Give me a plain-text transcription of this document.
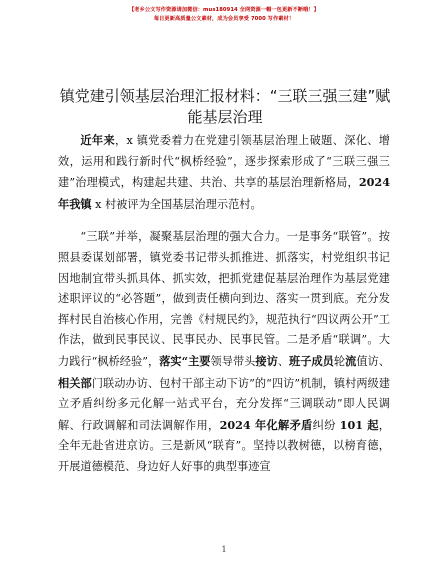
【老乡公文写作资源请加微信：mus180914 全网资源一帽一包更新不断哦！】
每日更新高质量公文素材，成为会员享受 7000 写作素材！
镇党建引领基层治理汇报材料：“三联三强三建”赋能基层治理

近年来，x 镇党委着力在党建引领基层治理上破题、深化、增效，运用和践行新时代“枫桥经验”，逐步探索形成了“三联三强三建”治理模式，构建起共建、共治、共享的基层治理新格局，2024 年我镇 x 村被评为全国基层治理示范村。

“三联”并举，凝聚基层治理的强大合力。一是事务“联管”。按照县委谋划部署，镇党委书记带头抓推进、抓落实，村党组织书记因地制宜带头抓具体、抓实效，把抓党建促基层治理作为基层党建述职评议的“必答题”，做到责任横向到边、落实一贯到底。充分发挥村民自治核心作用，完善《村规民约》，规范执行“四议两公开”工作法，做到民事民议、民事民办、民事民管。二是矛盾“联调”。大力践行“枫桥经验”，落实“主要领导带头接访、班子成员轮流值访、相关部门联动办访、包村干部主动下访”的“四访”机制，镇村两级建立矛盾纠纷多元化解一站式平台，充分发挥“三调联动”即人民调解、行政调解和司法调解作用，2024 年化解矛盾纠纷 101 起，全年无赴省进京访。三是新风“联育”。坚持以教树德，以榜育德，开展道德模范、身边好人好事的典型事迹宣

1
